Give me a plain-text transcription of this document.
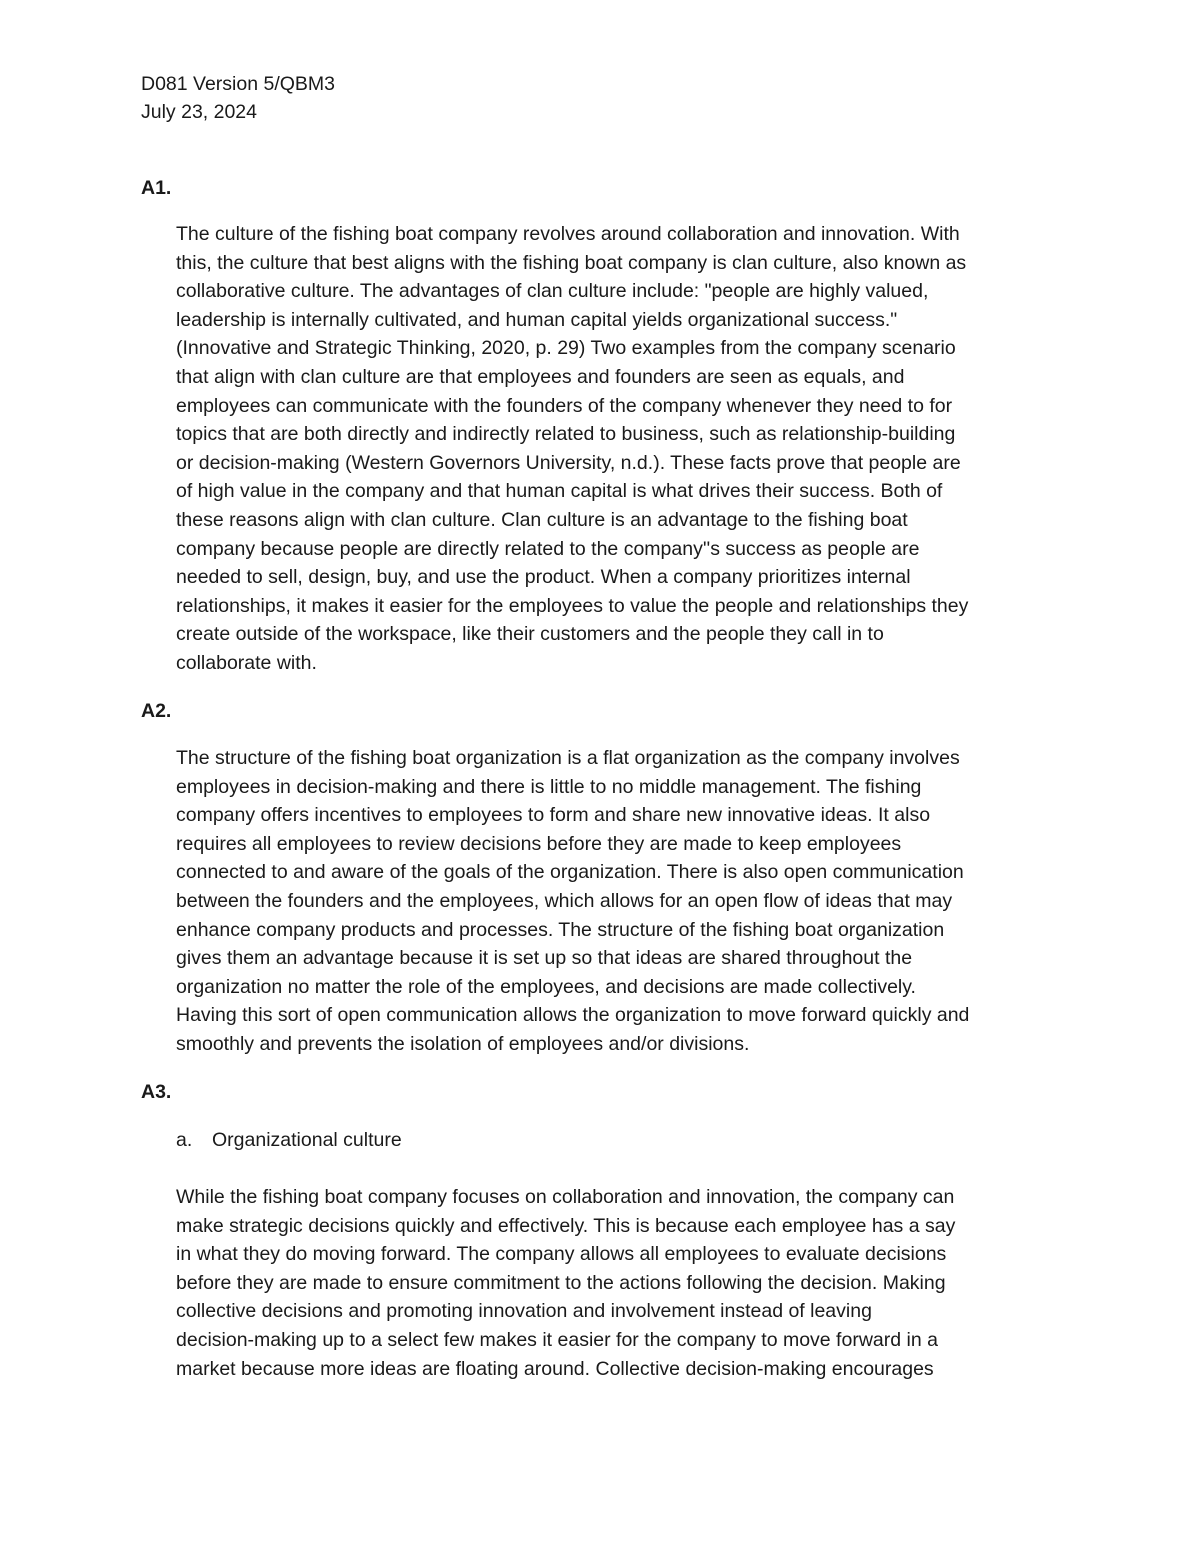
D081 Version 5/QBM3
July 23, 2024
A1.
The culture of the fishing boat company revolves around collaboration and innovation. With
this, the culture that best aligns with the fishing boat company is clan culture, also known as
collaborative culture. The advantages of clan culture include: "people are highly valued,
leadership is internally cultivated, and human capital yields organizational success."
(Innovative and Strategic Thinking, 2020, p. 29) Two examples from the company scenario
that align with clan culture are that employees and founders are seen as equals, and
employees can communicate with the founders of the company whenever they need to for
topics that are both directly and indirectly related to business, such as relationship-building
or decision-making (Western Governors University, n.d.). These facts prove that people are
of high value in the company and that human capital is what drives their success. Both of
these reasons align with clan culture. Clan culture is an advantage to the fishing boat
company because people are directly related to the company''s success as people are
needed to sell, design, buy, and use the product. When a company prioritizes internal
relationships, it makes it easier for the employees to value the people and relationships they
create outside of the workspace, like their customers and the people they call in to
collaborate with.
A2.
The structure of the fishing boat organization is a flat organization as the company involves
employees in decision-making and there is little to no middle management. The fishing
company offers incentives to employees to form and share new innovative ideas. It also
requires all employees to review decisions before they are made to keep employees
connected to and aware of the goals of the organization. There is also open communication
between the founders and the employees, which allows for an open flow of ideas that may
enhance company products and processes. The structure of the fishing boat organization
gives them an advantage because it is set up so that ideas are shared throughout the
organization no matter the role of the employees, and decisions are made collectively.
Having this sort of open communication allows the organization to move forward quickly and
smoothly and prevents the isolation of employees and/or divisions.
A3.
a. Organizational culture
While the fishing boat company focuses on collaboration and innovation, the company can
make strategic decisions quickly and effectively. This is because each employee has a say
in what they do moving forward. The company allows all employees to evaluate decisions
before they are made to ensure commitment to the actions following the decision. Making
collective decisions and promoting innovation and involvement instead of leaving
decision-making up to a select few makes it easier for the company to move forward in a
market because more ideas are floating around. Collective decision-making encourages
